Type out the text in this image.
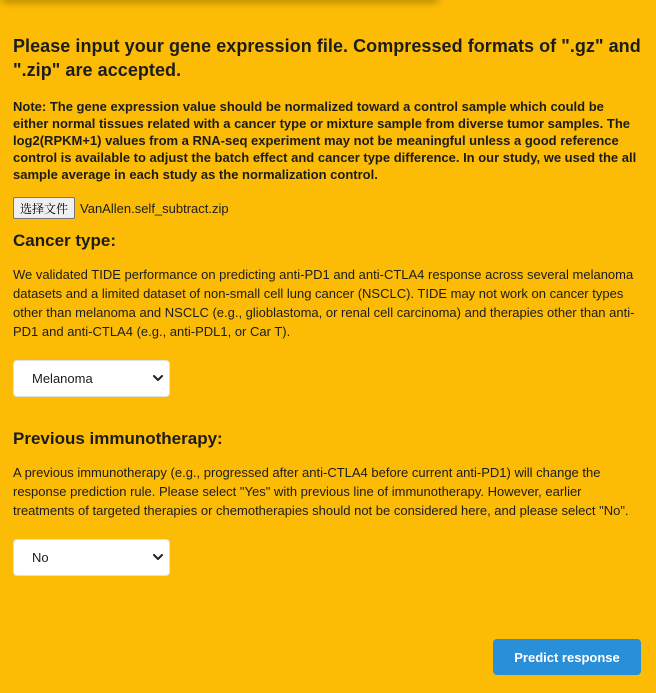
Please input your gene expression file. Compressed formats of ".gz" and ".zip" are accepted.
Note: The gene expression value should be normalized toward a control sample which could be either normal tissues related with a cancer type or mixture sample from diverse tumor samples. The log2(RPKM+1) values from a RNA-seq experiment may not be meaningful unless a good reference control is available to adjust the batch effect and cancer type difference. In our study, we used the all sample average in each study as the normalization control.
选择文件 VanAllen.self_subtract.zip
Cancer type:
We validated TIDE performance on predicting anti-PD1 and anti-CTLA4 response across several melanoma datasets and a limited dataset of non-small cell lung cancer (NSCLC). TIDE may not work on cancer types other than melanoma and NSCLC (e.g., glioblastoma, or renal cell carcinoma) and therapies other than anti-PD1 and anti-CTLA4 (e.g., anti-PDL1, or Car T).
Melanoma
Previous immunotherapy:
A previous immunotherapy (e.g., progressed after anti-CTLA4 before current anti-PD1) will change the response prediction rule. Please select "Yes" with previous line of immunotherapy. However, earlier treatments of targeted therapies or chemotherapies should not be considered here, and please select "No".
No
Predict response
